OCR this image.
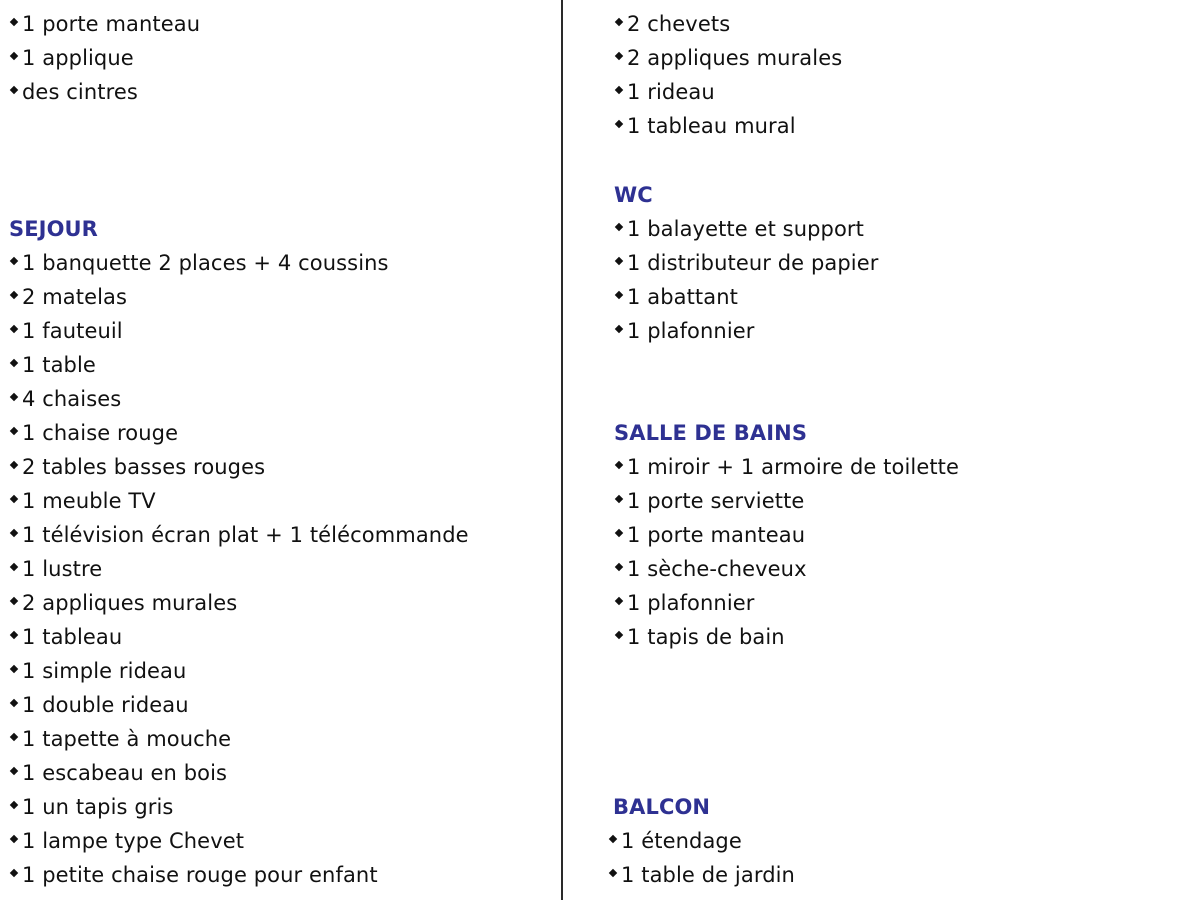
1 porte manteau
1 applique
des cintres
SEJOUR
1 banquette 2 places + 4 coussins
2 matelas
1 fauteuil
1 table
4 chaises
1 chaise rouge
2 tables basses rouges
1 meuble TV
1 télévision écran plat + 1 télécommande
1 lustre
2 appliques murales
1 tableau
1 simple rideau
1 double rideau
1 tapette à mouche
1 escabeau en bois
1 un tapis gris
1 lampe type Chevet
1 petite chaise rouge pour enfant
2 chevets
2 appliques murales
1 rideau
1 tableau mural
WC
1 balayette et support
1 distributeur de papier
1 abattant
1 plafonnier
SALLE DE BAINS
1 miroir + 1 armoire de toilette
1 porte serviette
1 porte manteau
1 sèche-cheveux
1 plafonnier
1 tapis de bain
BALCON
1 étendage
1 table de jardin
